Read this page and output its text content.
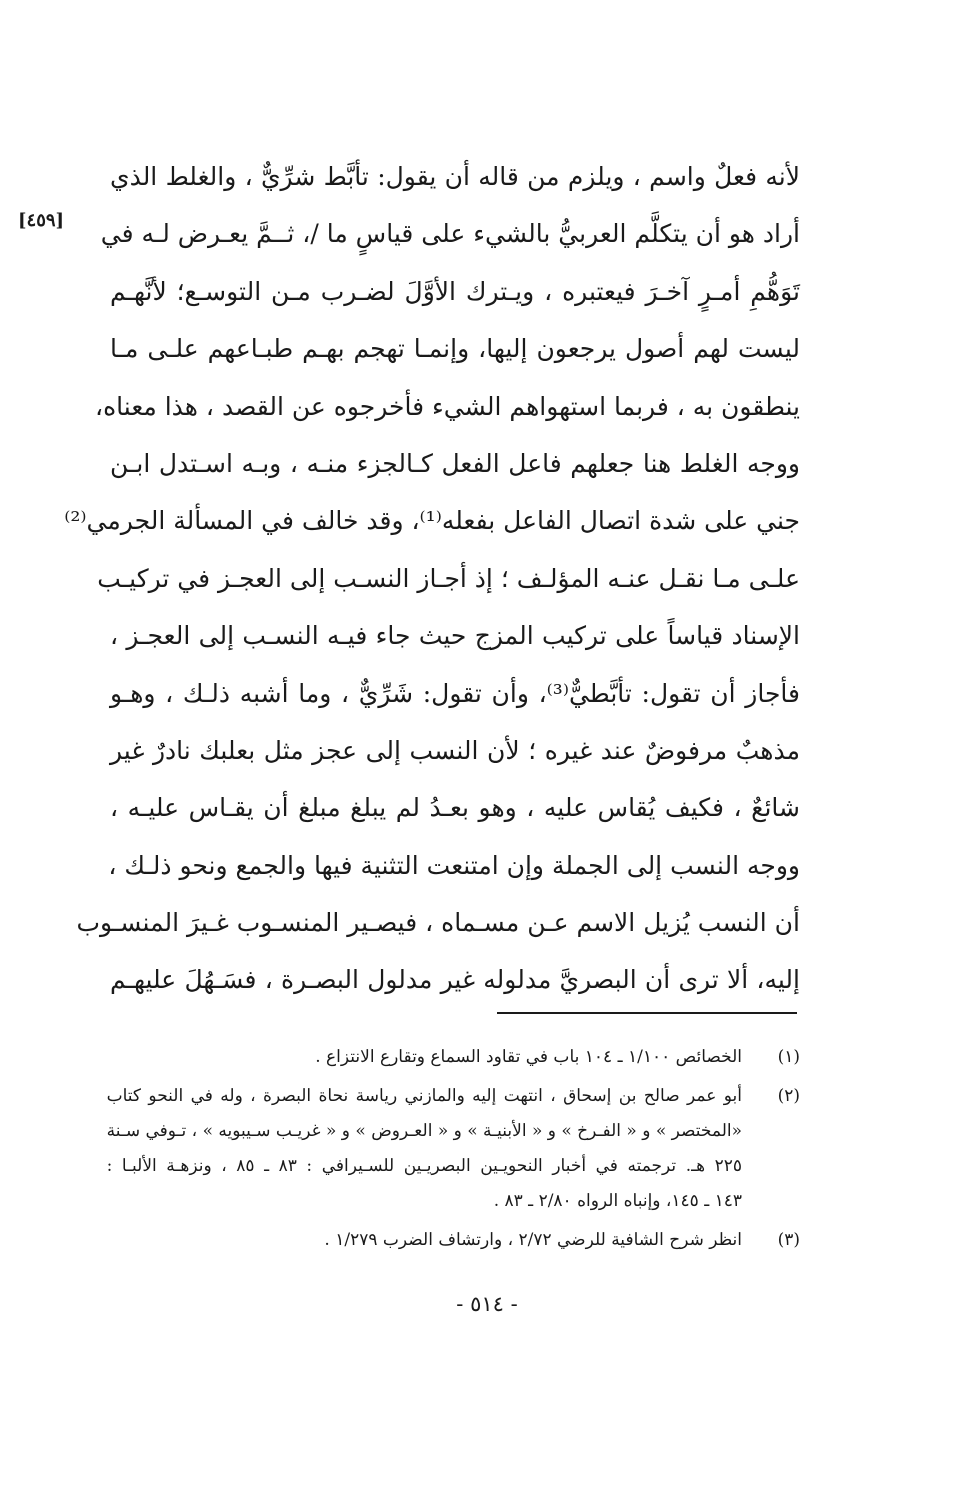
لأنه فعلٌ واسم ، ويلزم من قاله أن يقول: تأبَّط شرِّيٌّ ، والغلط الذي
أراد هو أن يتكلَّم العربيُّ بالشيء على قياسٍ ما /، ثــمَّ يعـرض لـه في
تَوَهُّمِ أمـرٍ آخـرَ فيعتبره ، ويـترك الأوَّلَ لضـرب مـن التوسـع؛ لأنَّهـم
ليست لهم أصول يرجعون إليها، وإنمـا تهجم بهـم طبـاعهم علـى مـا
ينطقون به ، فربما استهواهم الشيء فأخرجوه عن القصد ، هذا معناه،
ووجه الغلط هنا جعلهم فاعل الفعل كـالجزء منـه ، وبـه اسـتدل ابـن
جني على شدة اتصال الفاعل بفعله⁽¹⁾، وقد خالف في المسألة الجرمي⁽²⁾
علـى مـا نقـل عنـه المؤلـف ؛ إذ أجـاز النسـب إلى العجـز في تركيـب
الإسناد قياساً على تركيب المزج حيث جاء فيـه النسـب إلى العجـز ،
فأجاز أن تقول: تأبَّطيٌّ⁽³⁾، وأن تقول: شَرِّيٌّ ، وما أشبه ذلـك ، وهـو
مذهبٌ مرفوضٌ عند غيره ؛ لأن النسب إلى عجز مثل بعلبك نادرٌ غير
شائعٌ ، فكيف يُقاس عليه ، وهو بعـدُ لم يبلغ مبلغ أن يقـاس عليـه ،
ووجه النسب إلى الجملة وإن امتنعت التثنية فيها والجمع ونحو ذلـك ،
أن النسب يُزيل الاسم عـن مسـماه ، فيصـير المنسـوب غـيرَ المنسـوب
إليه، ألا ترى أن البصريَّ مدلوله غير مدلول البصـرة ، فسَـهُلَ عليهـم
[٤٥٩]
(١)
الخصائص ١/١٠٠ ـ ١٠٤ باب في تقاود السماع وتقارع الانتزاع .
(٢)
أبو عمر صالح بن إسحاق ، انتهت إليه والمازني رياسة نحاة البصرة ، وله في النحو كتاب
«المختصر » و « الفـرخ » و « الأبنيـة » و « العـروض » و « غريـب سـيبويه » ، تـوفي سـنة
٢٢٥ هـ. ترجمته في أخبار النحويـين البصريـين للسـيرافي : ٨٣ ـ ٨٥ ، ونزهـة الألبـا :
١٤٣ ـ ١٤٥، وإنباه الرواه ٢/٨٠ ـ ٨٣ .
(٣)
انظر شرح الشافية للرضي ٢/٧٢ ، وارتشاف الضرب ١/٢٧٩ .
- ٥١٤ -
